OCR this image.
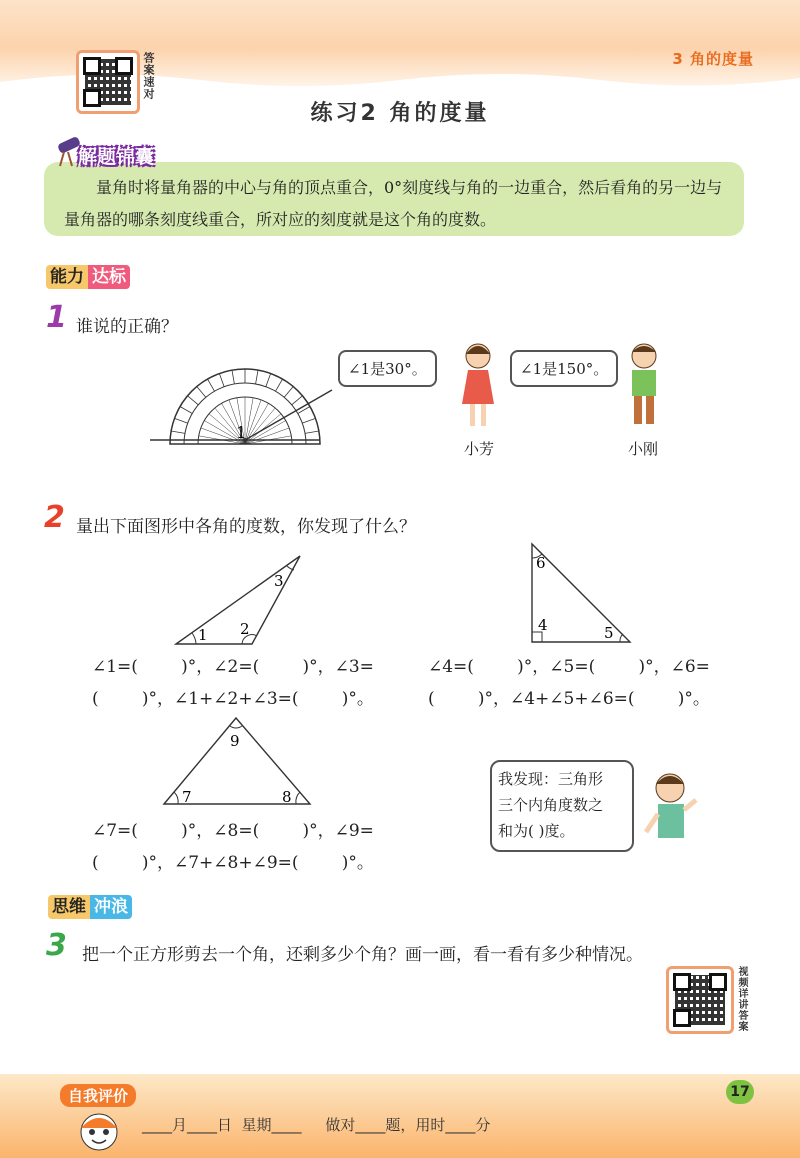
3 角的度量
答案速对
练习2 角的度量
解题锦囊
量角时将量角器的中心与角的顶点重合，0°刻度线与角的一边重合，然后看角的另一边与量角器的哪条刻度线重合，所对应的刻度就是这个角的度数。
能力 达标
1 谁说的正确？
1
∠1是30°。
小芳
∠1是150°。
小刚
2 量出下面图形中各角的度数，你发现了什么？
1 2
3
6
4	5
∠1=(        )°，∠2=(        )°，∠3=
(        )°，∠1+∠2+∠3=(        )°。
∠4=(        )°，∠5=(        )°，∠6=
(        )°，∠4+∠5+∠6=(        )°。
9
7	8
∠7=(        )°，∠8=(        )°，∠9=
(        )°，∠7+∠8+∠9=(        )°。
我发现：三角形
三个内角度数之
和为( )度。
思维 冲浪
3 把一个正方形剪去一个角，还剩多少个角？画一画，看一看有多少种情况。
视频详讲答案
自我评价
____月____日  星期____     做对____题，用时____分
17
